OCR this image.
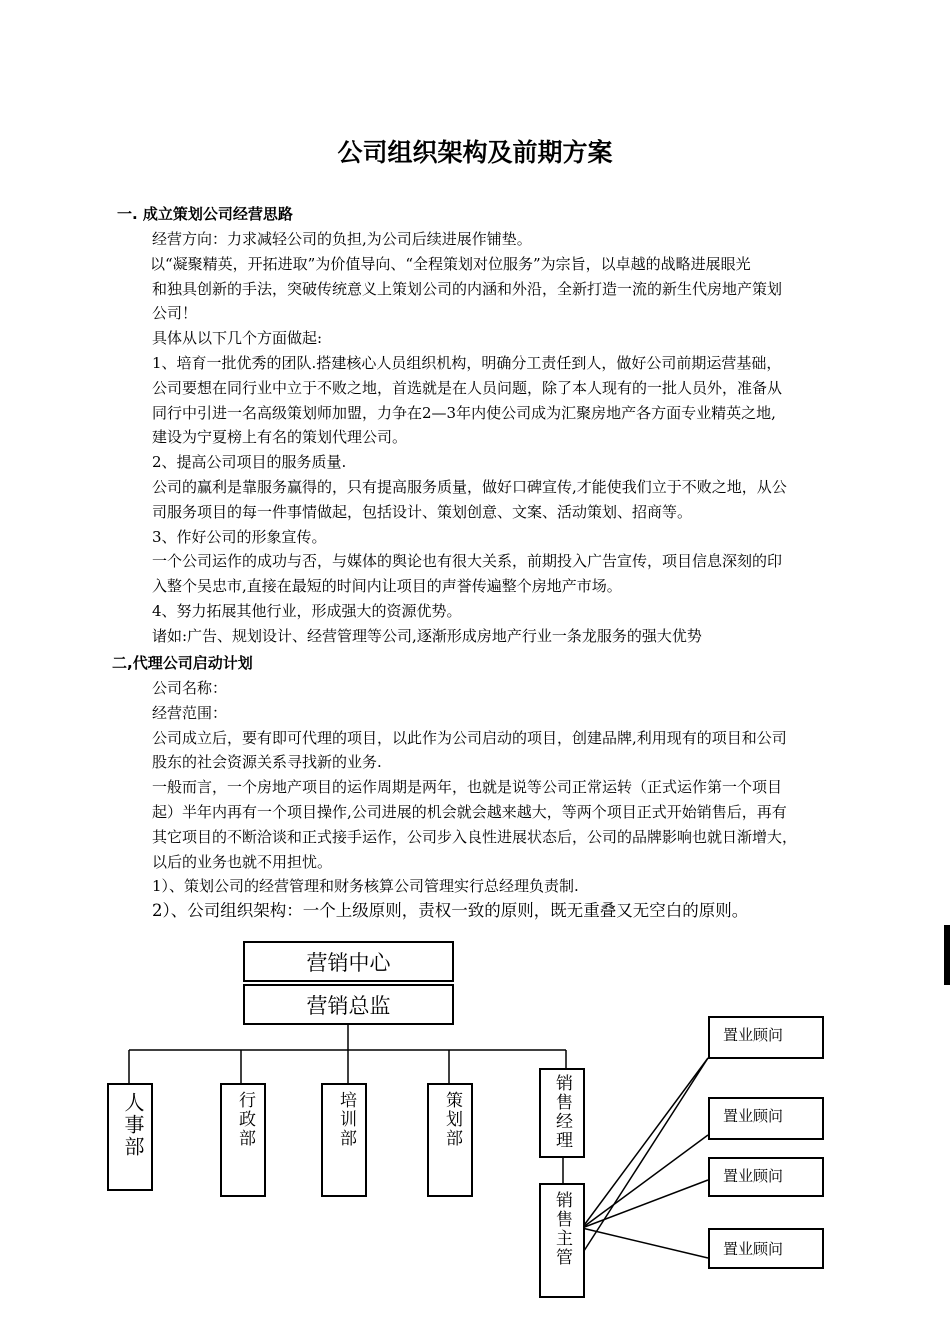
公司组织架构及前期方案
一. 成立策划公司经营思路
经营方向：力求减轻公司的负担,为公司后续进展作铺垫。
以“凝聚精英，开拓进取”为价值导向、“全程策划对位服务”为宗旨，以卓越的战略进展眼光
和独具创新的手法，突破传统意义上策划公司的内涵和外沿，全新打造一流的新生代房地产策划
公司！
具体从以下几个方面做起:
1、培育一批优秀的团队.搭建核心人员组织机构，明确分工责任到人，做好公司前期运营基础，
公司要想在同行业中立于不败之地，首选就是在人员问题，除了本人现有的一批人员外，准备从
同行中引进一名高级策划师加盟，力争在2—3年内使公司成为汇聚房地产各方面专业精英之地,
建设为宁夏榜上有名的策划代理公司。
2、提高公司项目的服务质量.
公司的赢利是靠服务赢得的，只有提高服务质量，做好口碑宣传,才能使我们立于不败之地，从公
司服务项目的每一件事情做起，包括设计、策划创意、文案、活动策划、招商等。
3、作好公司的形象宣传。
一个公司运作的成功与否，与媒体的舆论也有很大关系，前期投入广告宣传，项目信息深刻的印
入整个吴忠市,直接在最短的时间内让项目的声誉传遍整个房地产市场。
4、努力拓展其他行业，形成强大的资源优势。
诸如:广告、规划设计、经营管理等公司,逐渐形成房地产行业一条龙服务的强大优势
二,代理公司启动计划
公司名称：
经营范围：
公司成立后，要有即可代理的项目，以此作为公司启动的项目，创建品牌,利用现有的项目和公司
股东的社会资源关系寻找新的业务.
一般而言，一个房地产项目的运作周期是两年，也就是说等公司正常运转（正式运作第一个项目
起）半年内再有一个项目操作,公司进展的机会就会越来越大，等两个项目正式开始销售后，再有
其它项目的不断洽谈和正式接手运作，公司步入良性进展状态后，公司的品牌影响也就日渐增大，
以后的业务也就不用担忧。
1）、策划公司的经营管理和财务核算公司管理实行总经理负责制.
2）、公司组织架构：一个上级原则，责权一致的原则，既无重叠又无空白的原则。
营销中心
营销总监
人事部	行政部	培训部	策划部	销售经理
销售主管
置业顾问
置业顾问
置业顾问
置业顾问
